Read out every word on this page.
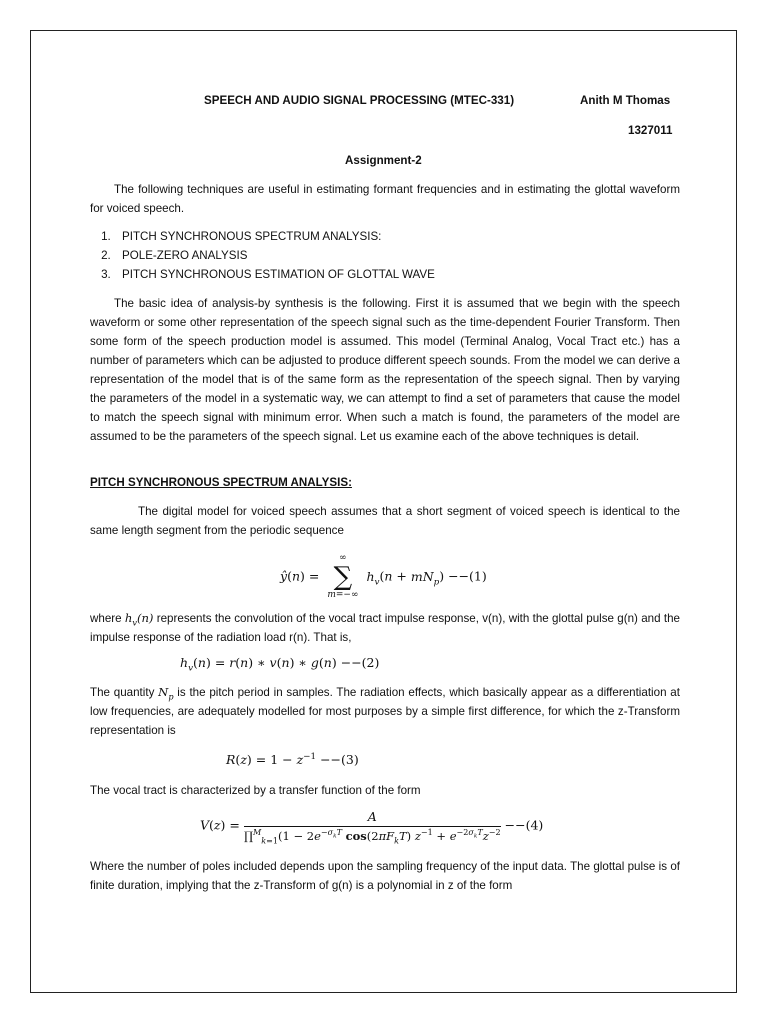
SPEECH AND AUDIO SIGNAL PROCESSING (MTEC-331)	Anith M Thomas
1327011
Assignment-2

The following techniques are useful in estimating formant frequencies and in estimating the glottal waveform for voiced speech.

1. PITCH SYNCHRONOUS SPECTRUM ANALYSIS:
2. POLE-ZERO ANALYSIS
3. PITCH SYNCHRONOUS ESTIMATION OF GLOTTAL WAVE

The basic idea of analysis-by synthesis is the following. First it is assumed that we begin with the speech waveform or some other representation of the speech signal such as the time-dependent Fourier Transform. Then some form of the speech production model is assumed. This model (Terminal Analog, Vocal Tract etc.) has a number of parameters which can be adjusted to produce different speech sounds. From the model we can derive a representation of the model that is of the same form as the representation of the speech signal. Then by varying the parameters of the model in a systematic way, we can attempt to find a set of parameters that cause the model to match the speech signal with minimum error. When such a match is found, the parameters of the model are assumed to be the parameters of the speech signal. Let us examine each of the above techniques is detail.

PITCH SYNCHRONOUS SPECTRUM ANALYSIS:

The digital model for voiced speech assumes that a short segment of voiced speech is identical to the same length segment from the periodic sequence

where $h_v(n)$ represents the convolution of the vocal tract impulse response, v(n), with the glottal pulse g(n) and the impulse response of the radiation load r(n). That is,

The quantity $N_p$ is the pitch period in samples. The radiation effects, which basically appear as a differentiation at low frequencies, are adequately modelled for most purposes by a simple first difference, for which the z-Transform representation is

The vocal tract is characterized by a transfer function of the form

Where the number of poles included depends upon the sampling frequency of the input data. The glottal pulse is of finite duration, implying that the z-Transform of g(n) is a polynomial in z of the form

ŷ(n) =
∞
∑
m=−∞
$h_v(n + mN_p) --(1)$
$h_v(n) = r(n)$ ∗ v(n) ∗ g(n) −−(2)
$R(z) = 1 - z^{-1} --(3)$
$V(z) = \frac{A}{\prod^M_{k=1}(1 - 2e^{-\sigma_kT} \cos(2\pi F_kT) z^{-1} + e^{-2\sigma_kT}z^{-2}} --(4)$
